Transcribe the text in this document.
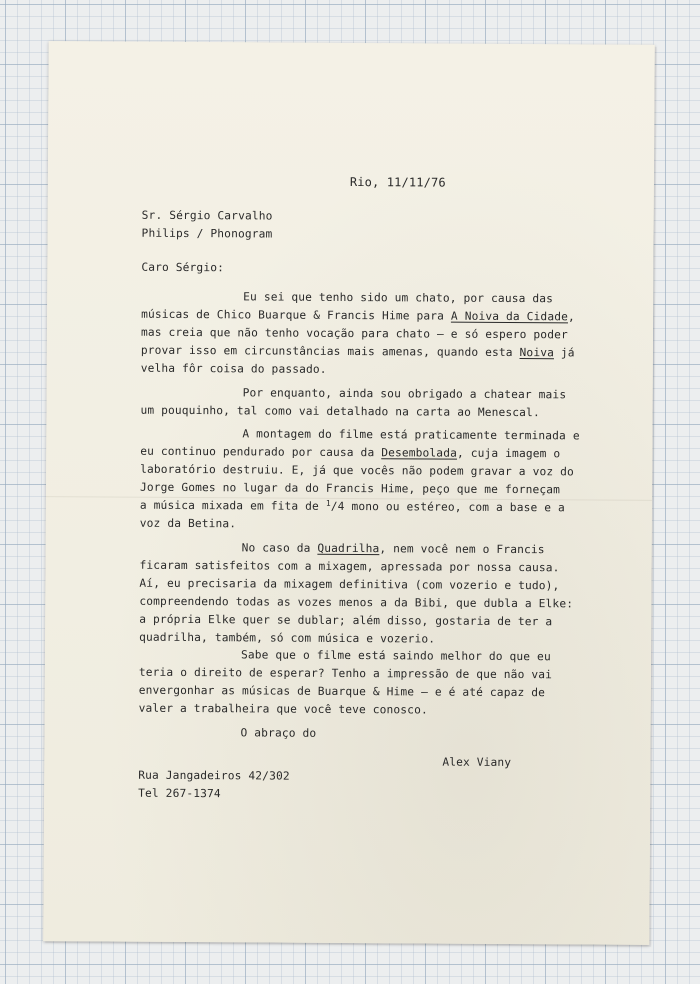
Rio, 11/11/76
Sr. Sérgio Carvalho
Philips / Phonogram
Caro Sérgio:
Eu sei que tenho sido um chato, por causa das
músicas de Chico Buarque & Francis Hime para A Noiva da Cidade,
mas creia que não tenho vocação para chato — e só espero poder
provar isso em circunstâncias mais amenas, quando esta Noiva já
velha fôr coisa do passado.
Por enquanto, ainda sou obrigado a chatear mais
um pouquinho, tal como vai detalhado na carta ao Menescal.
A montagem do filme está praticamente terminada e
eu continuo pendurado por causa da Desembolada, cuja imagem o
laboratório destruiu. E, já que vocês não podem gravar a voz do
Jorge Gomes no lugar da do Francis Hime, peço que me forneçam
a música mixada em fita de $^1$/4 mono ou estéreo, com a base e a
voz da Betina.
No caso da Quadrilha, nem você nem o Francis
ficaram satisfeitos com a mixagem, apressada por nossa causa.
Aí, eu precisaria da mixagem definitiva (com vozerio e tudo),
compreendendo todas as vozes menos a da Bibi, que dubla a Elke:
a própria Elke quer se dublar; além disso, gostaria de ter a
quadrilha, também, só com música e vozerio.
Sabe que o filme está saindo melhor do que eu
teria o direito de esperar? Tenho a impressão de que não vai
envergonhar as músicas de Buarque & Hime — e é até capaz de
valer a trabalheira que você teve conosco.
O abraço do
Alex Viany
Rua Jangadeiros 42/302
Tel 267-1374
